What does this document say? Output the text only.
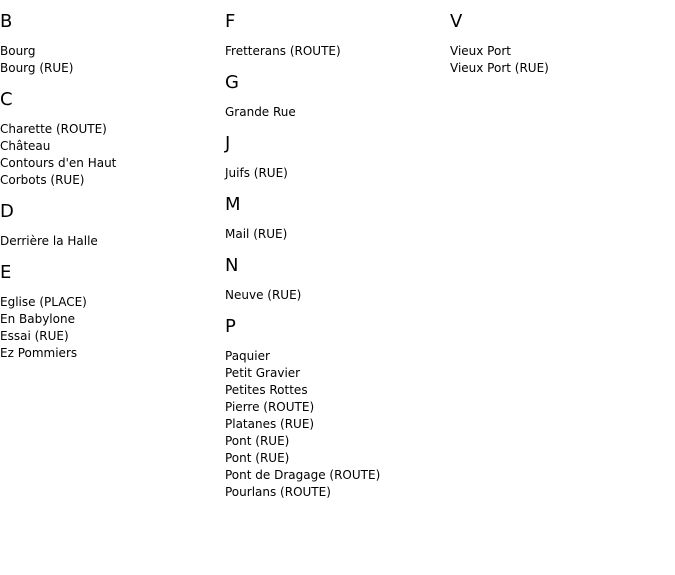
B
Bourg
Bourg (RUE)
C
Charette (ROUTE)
Château
Contours d'en Haut
Corbots (RUE)
D
Derrière la Halle
E
Eglise (PLACE)
En Babylone
Essai (RUE)
Ez Pommiers
F
Fretterans (ROUTE)
G
Grande Rue
J
Juifs (RUE)
M
Mail (RUE)
N
Neuve (RUE)
P
Paquier
Petit Gravier
Petites Rottes
Pierre (ROUTE)
Platanes (RUE)
Pont (RUE)
Pont (RUE)
Pont de Dragage (ROUTE)
Pourlans (ROUTE)
V
Vieux Port
Vieux Port (RUE)
